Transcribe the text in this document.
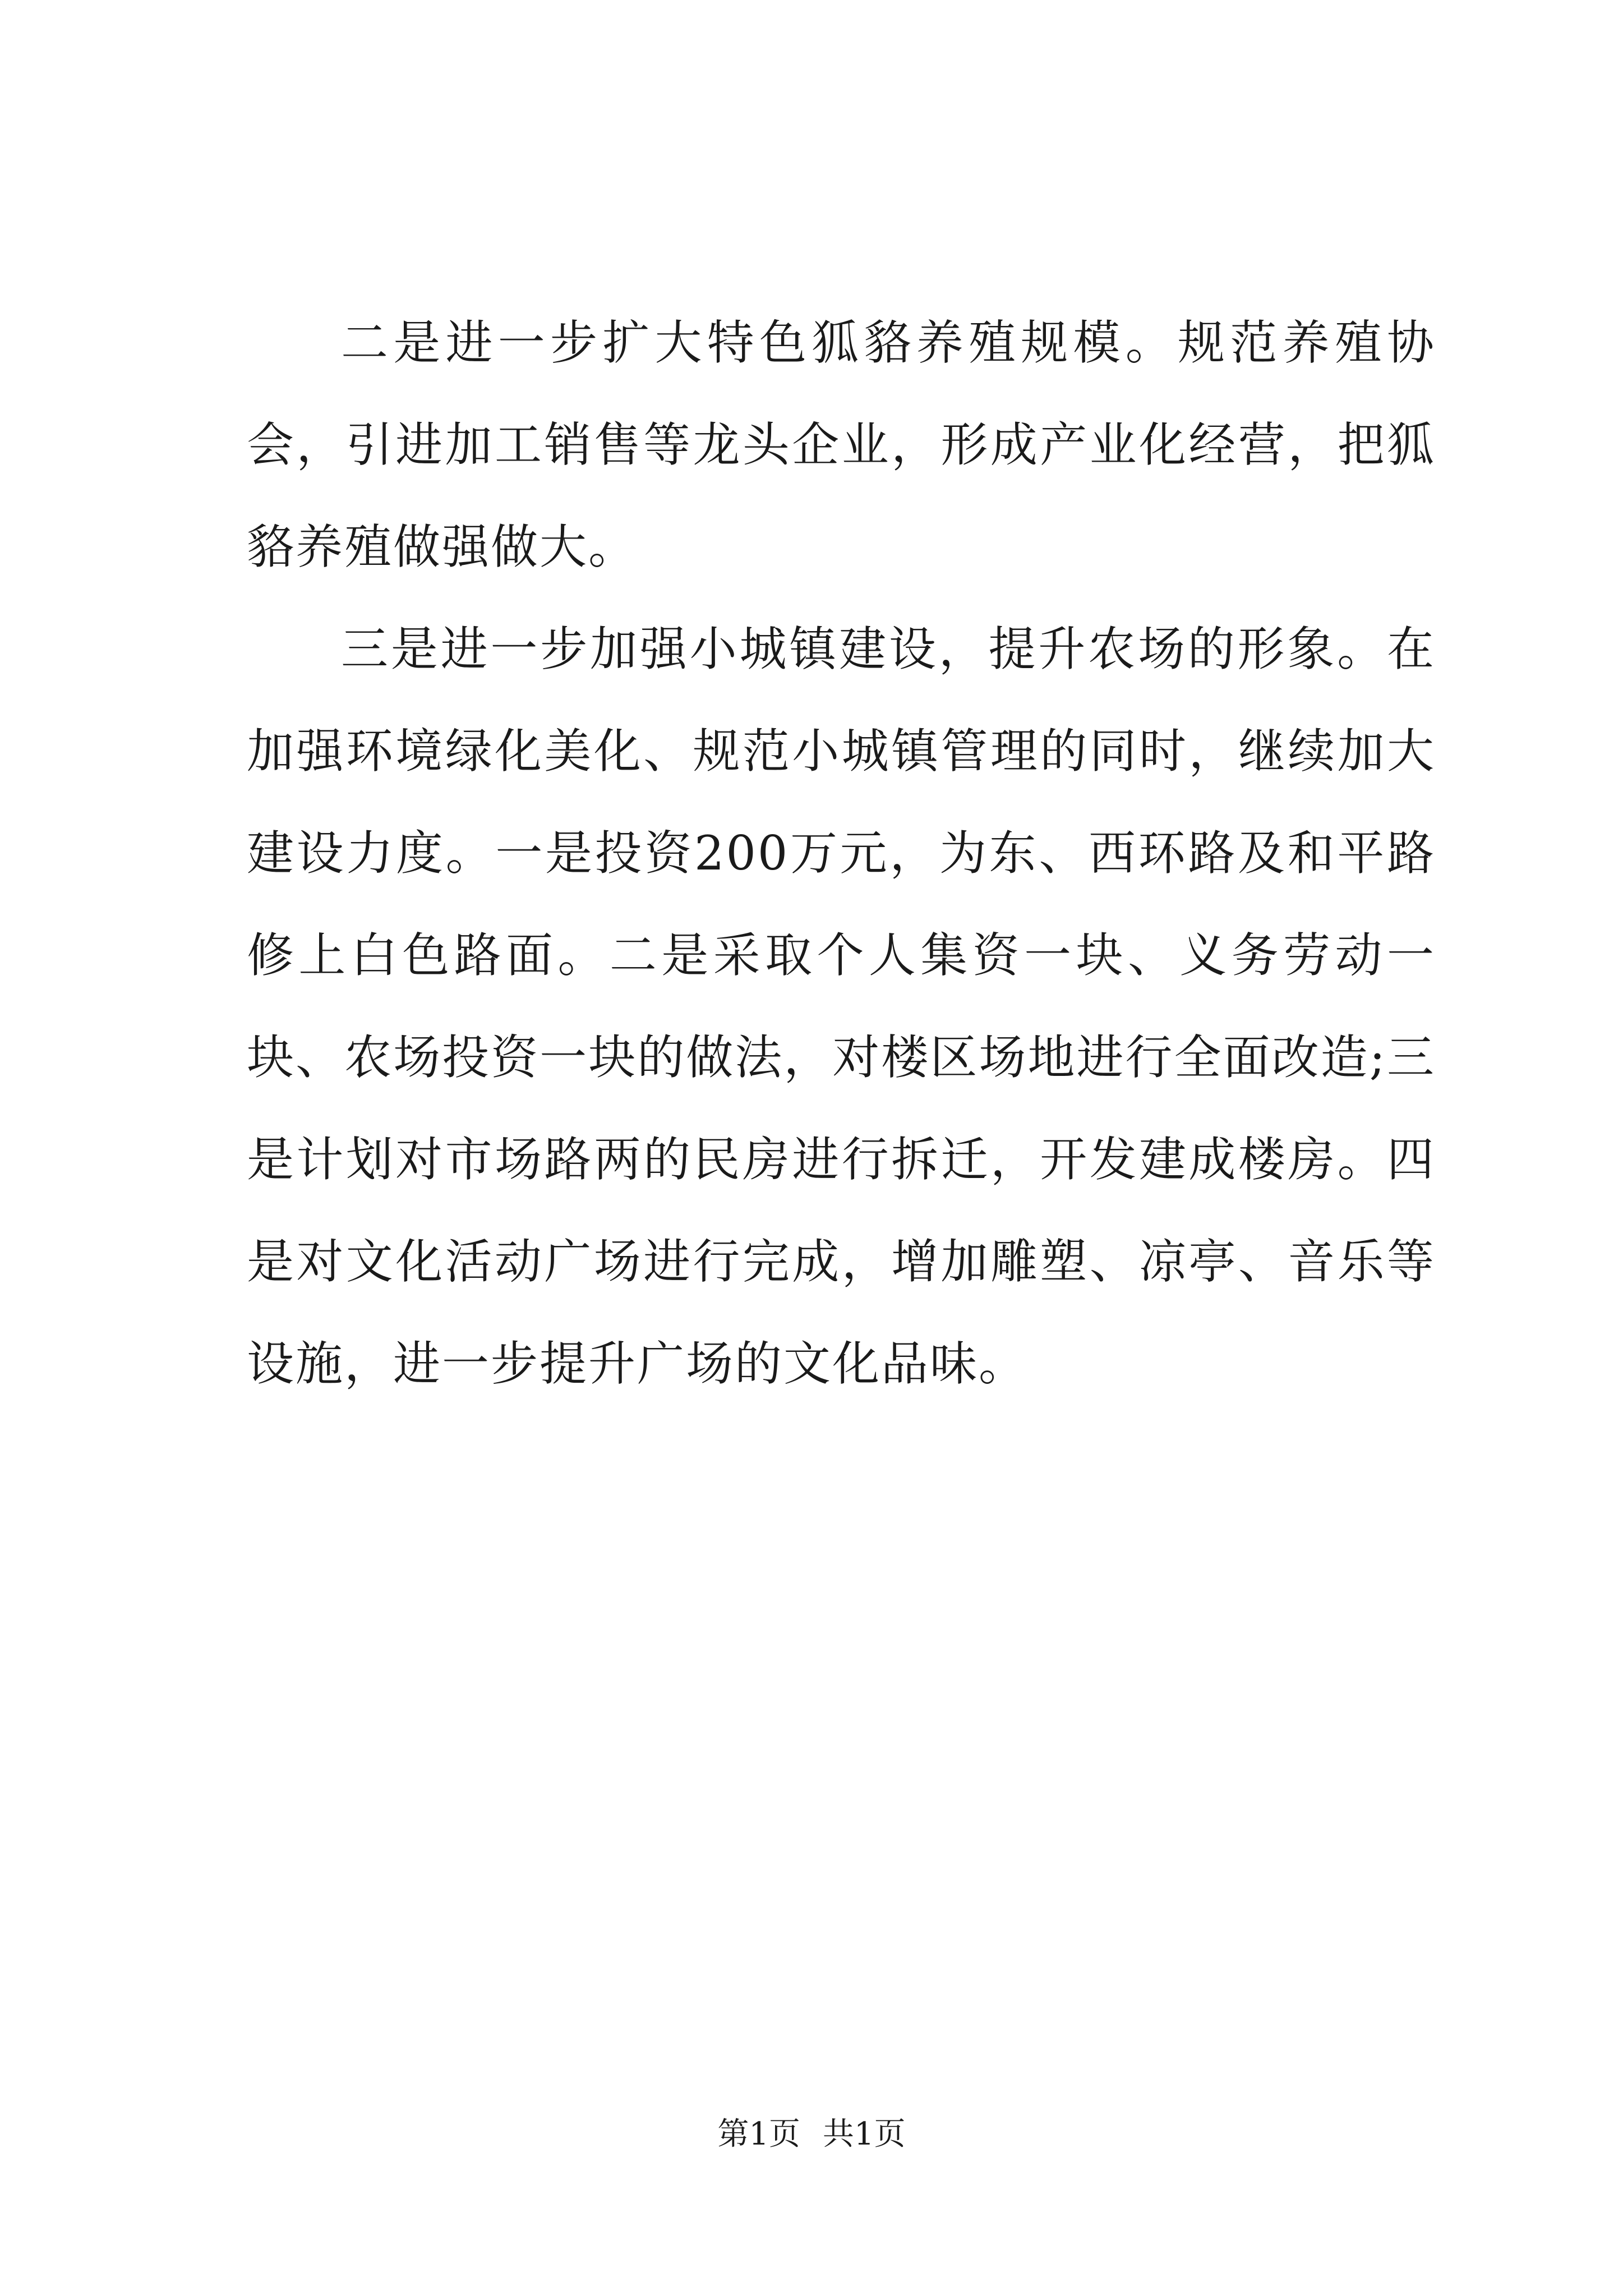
二是进一步扩大特色狐貉养殖规模。规范养殖协会，引进加工销售等龙头企业，形成产业化经营，把狐貉养殖做强做大。

三是进一步加强小城镇建设，提升农场的形象。在加强环境绿化美化、规范小城镇管理的同时，继续加大建设力度。一是投资200万元，为东、西环路及和平路修上白色路面。二是采取个人集资一块、义务劳动一块、农场投资一块的做法，对楼区场地进行全面改造;三是计划对市场路两的民房进行拆迁，开发建成楼房。四是对文化活动广场进行完成，增加雕塑、凉亭、音乐等设施，进一步提升广场的文化品味。

第1页 共1页
